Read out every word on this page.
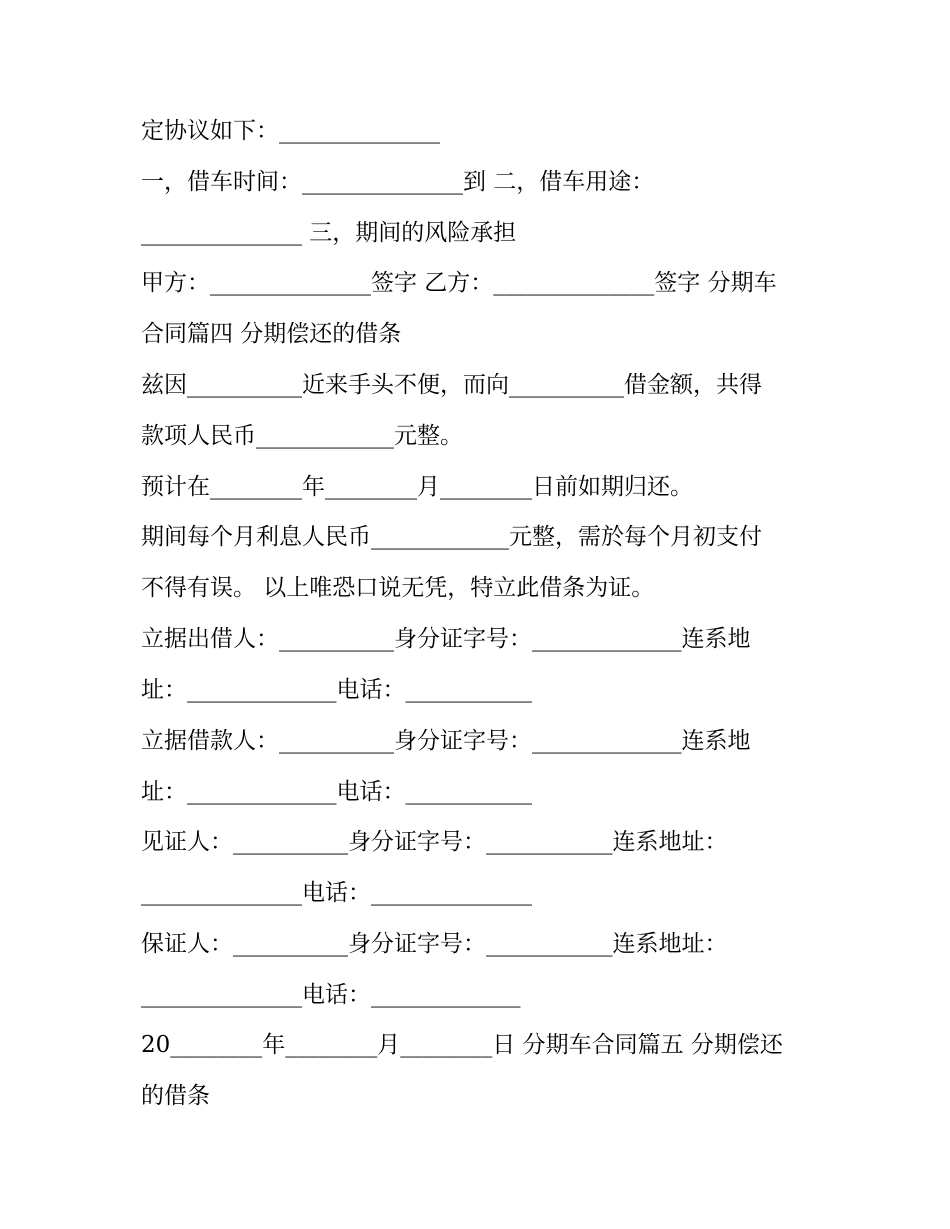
定协议如下：______________
一，借车时间：______________到 二，借车用途：
______________ 三，期间的风险承担
甲方：______________签字 乙方：______________签字 分期车
合同篇四 分期偿还的借条
兹因__________近来手头不便，而向__________借金额，共得
款项人民币____________元整。
预计在________年________月________日前如期归还。
期间每个月利息人民币____________元整，需於每个月初支付
不得有误。 以上唯恐口说无凭，特立此借条为证。
立据出借人：__________身分证字号：_____________连系地
址：_____________电话：___________
立据借款人：__________身分证字号：_____________连系地
址：_____________电话：___________
见证人：__________身分证字号：___________连系地址：
______________电话：______________
保证人：__________身分证字号：___________连系地址：
______________电话：_____________
20________年________月________日 分期车合同篇五 分期偿还
的借条
